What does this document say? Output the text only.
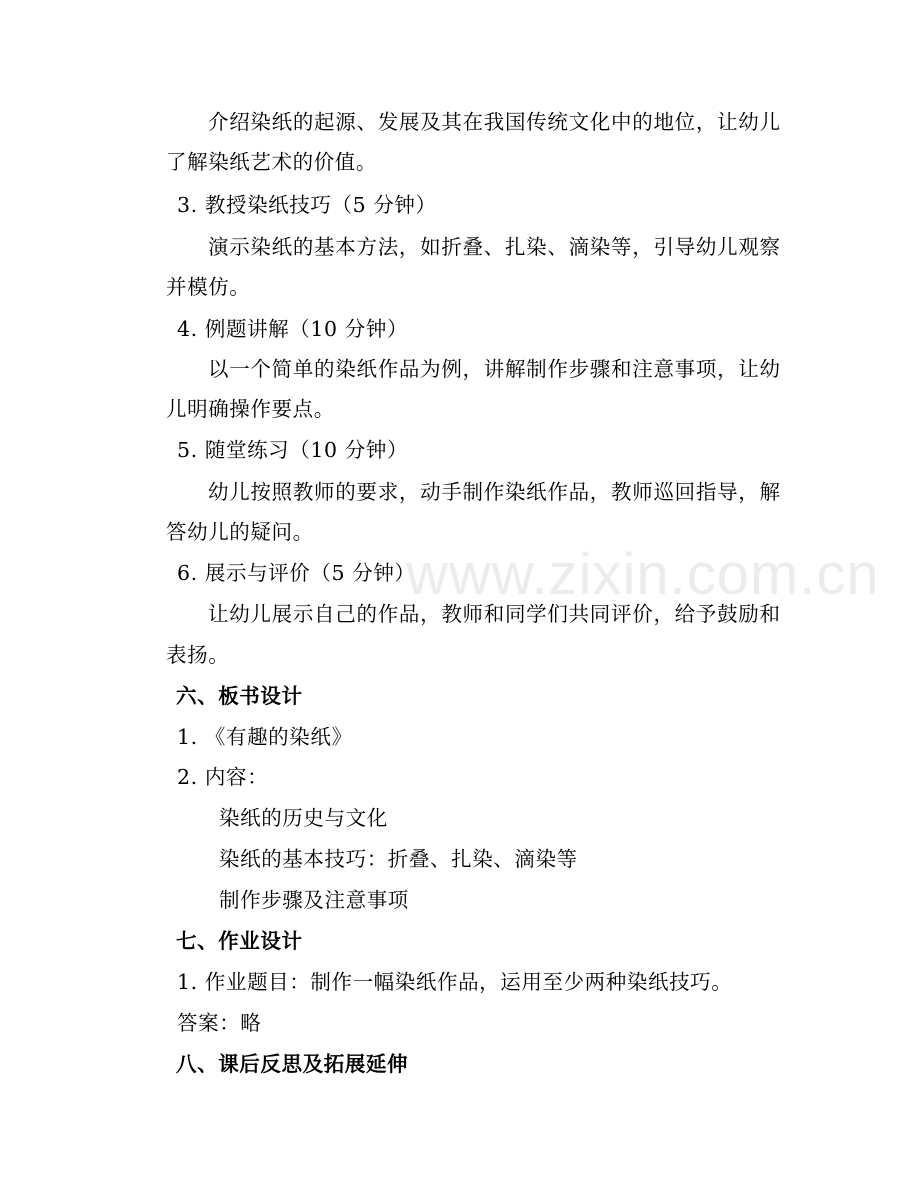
www.zixin.com.cn
介绍染纸的起源、发展及其在我国传统文化中的地位，让幼儿
了解染纸艺术的价值。
3. 教授染纸技巧（5 分钟）
演示染纸的基本方法，如折叠、扎染、滴染等，引导幼儿观察
并模仿。
4. 例题讲解（10 分钟）
以一个简单的染纸作品为例，讲解制作步骤和注意事项，让幼
儿明确操作要点。
5. 随堂练习（10 分钟）
幼儿按照教师的要求，动手制作染纸作品，教师巡回指导，解
答幼儿的疑问。
6. 展示与评价（5 分钟）
让幼儿展示自己的作品，教师和同学们共同评价，给予鼓励和
表扬。
六、板书设计
1. 《有趣的染纸》
2. 内容：
染纸的历史与文化
染纸的基本技巧：折叠、扎染、滴染等
制作步骤及注意事项
七、作业设计
1. 作业题目：制作一幅染纸作品，运用至少两种染纸技巧。
答案：略
八、课后反思及拓展延伸
